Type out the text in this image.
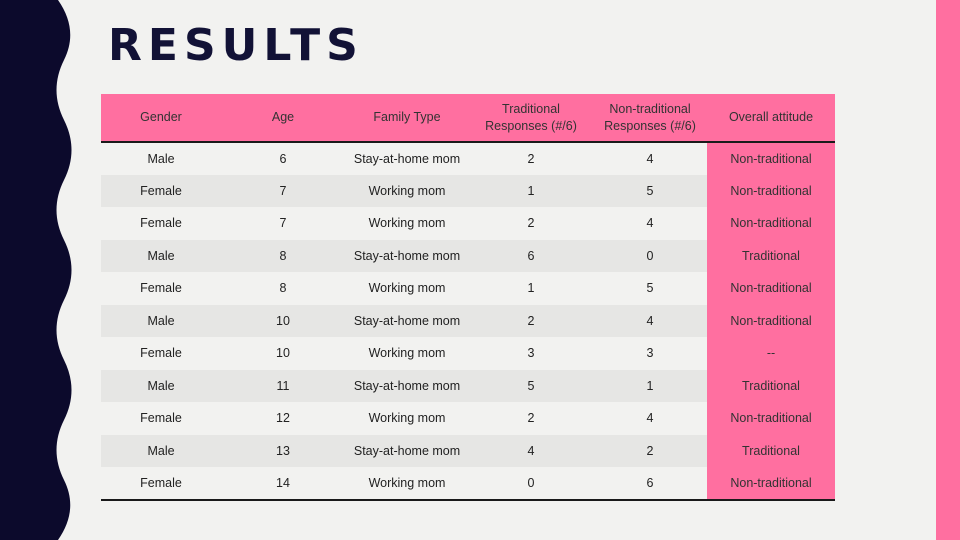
RESULTS
Gender	Age	Family Type	Traditional Responses (#/6)	Non-traditional Responses (#/6)	Overall attitude
Male	6	Stay-at-home mom	2	4	Non-traditional
Female	7	Working mom	1	5	Non-traditional
Female	7	Working mom	2	4	Non-traditional
Male	8	Stay-at-home mom	6	0	Traditional
Female	8	Working mom	1	5	Non-traditional
Male	10	Stay-at-home mom	2	4	Non-traditional
Female	10	Working mom	3	3	--
Male	11	Stay-at-home mom	5	1	Traditional
Female	12	Working mom	2	4	Non-traditional
Male	13	Stay-at-home mom	4	2	Traditional
Female	14	Working mom	0	6	Non-traditional
